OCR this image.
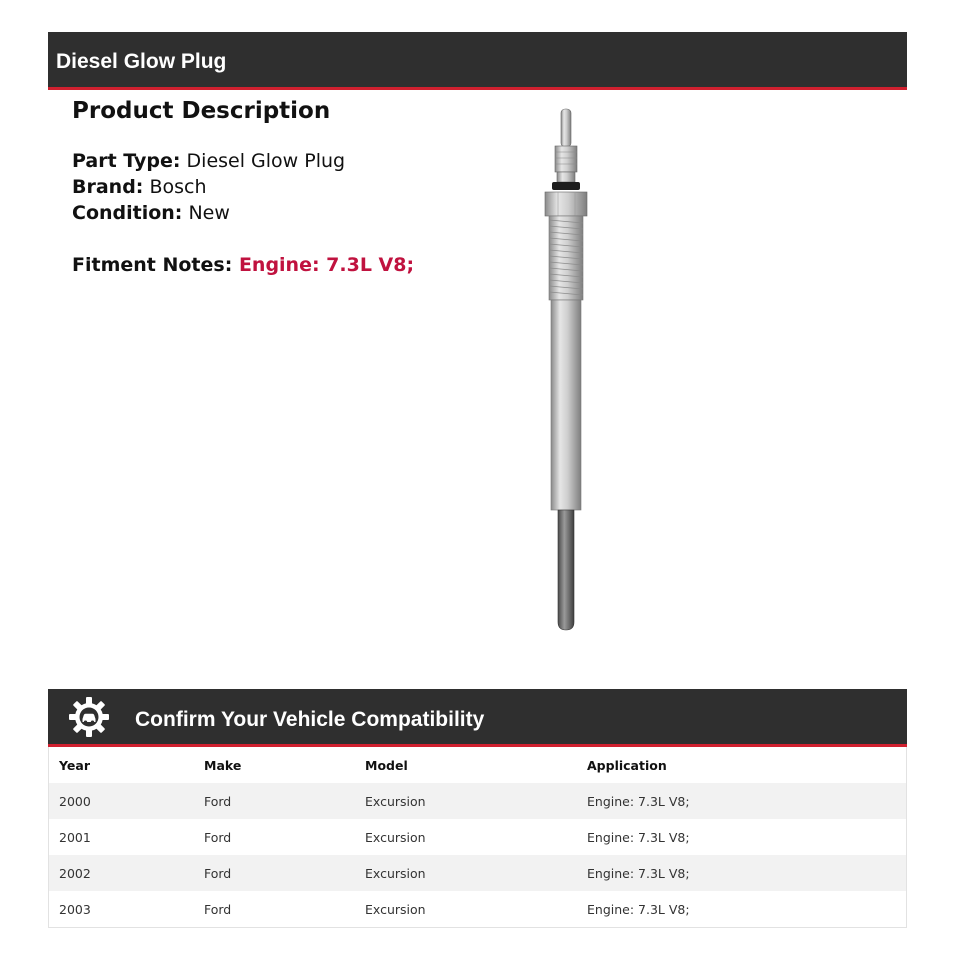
Diesel Glow Plug
Product Description
Part Type: Diesel Glow Plug
Brand: Bosch
Condition: New
Fitment Notes: Engine: 7.3L V8;
Confirm Your Vehicle Compatibility
Year	Make	Model	Application
2000	Ford	Excursion	Engine: 7.3L V8;
2001	Ford	Excursion	Engine: 7.3L V8;
2002	Ford	Excursion	Engine: 7.3L V8;
2003	Ford	Excursion	Engine: 7.3L V8;
